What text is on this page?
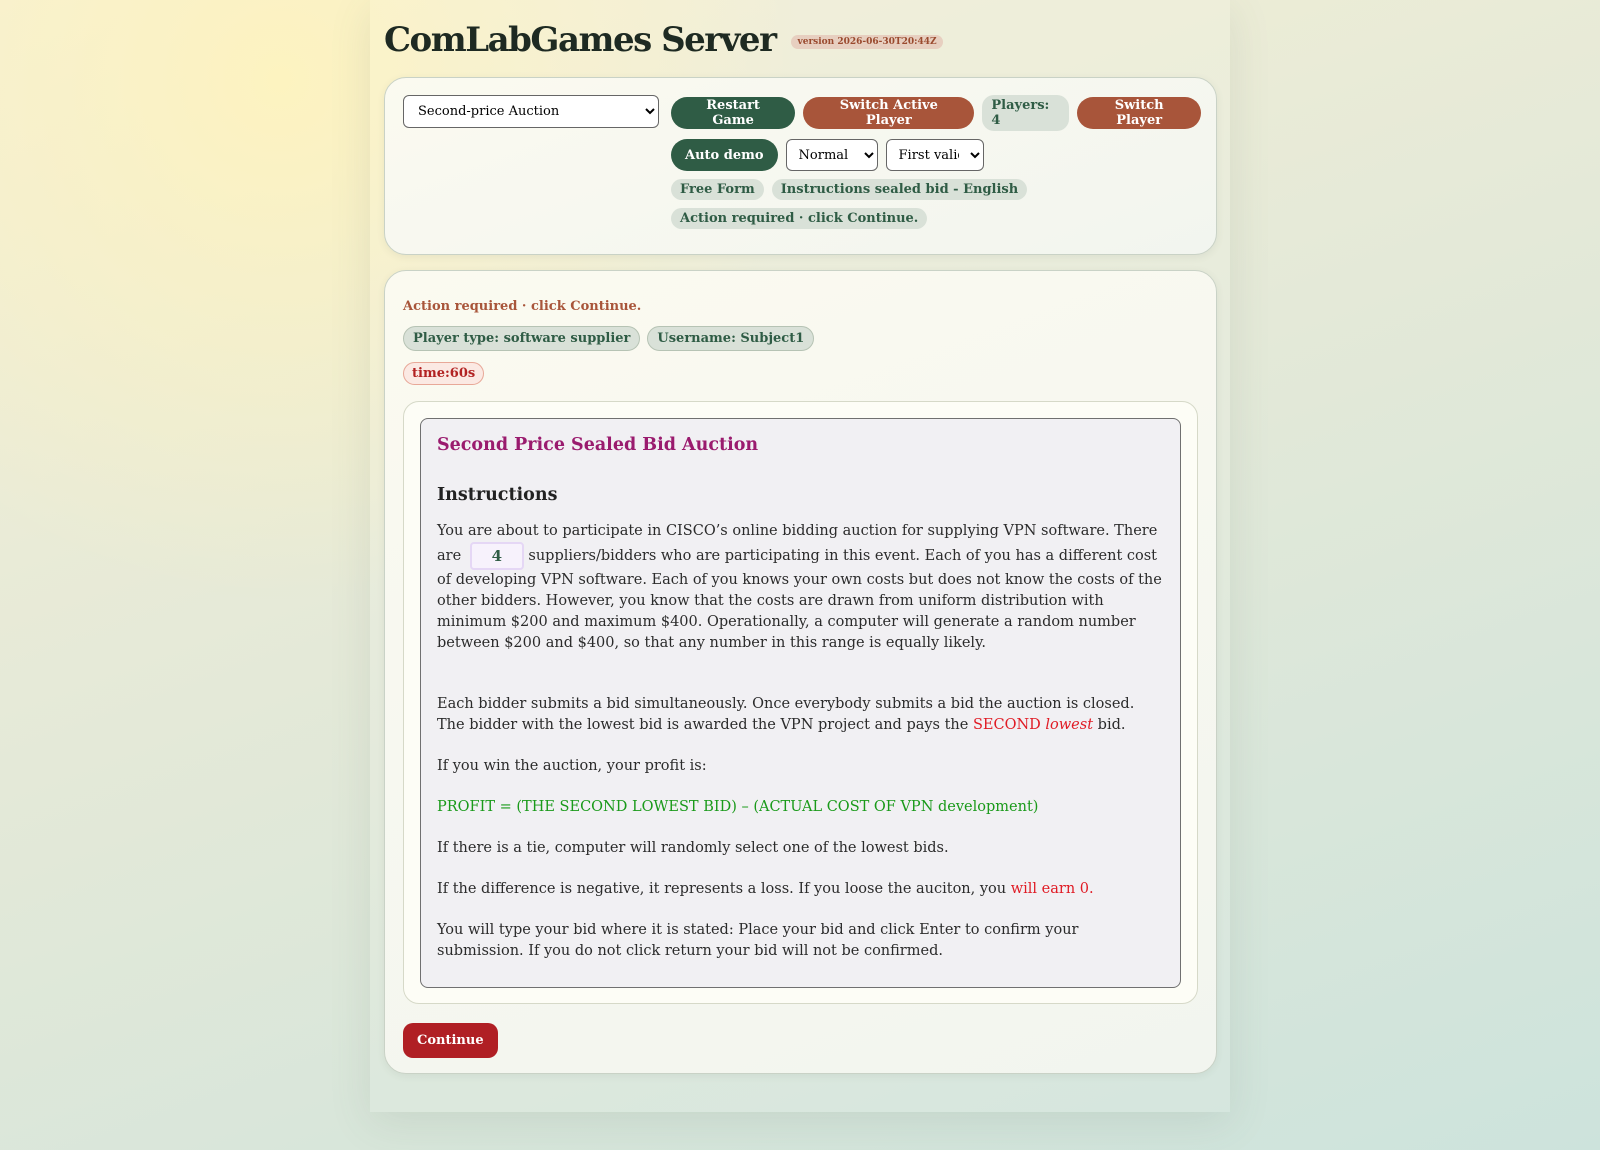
ComLabGames Server	version 2026-06-30T20:44Z
Second-price Auction
Restart Game
Switch Active Player
Players: 4
Switch Player
Auto demo
Normal
First valid
Free Form	Instructions sealed bid - English
Action required · click Continue.
Action required · click Continue.
Player type: software supplier	Username: Subject1
time:60s
Second Price Sealed Bid Auction
Instructions

You are about to participate in CISCO’s online bidding auction for supplying VPN software. There are 4 suppliers/bidders who are participating in this event. Each of you has a different cost of developing VPN software. Each of you knows your own costs but does not know the costs of the other bidders. However, you know that the costs are drawn from uniform distribution with minimum $200 and maximum $400. Operationally, a computer will generate a random number between $200 and $400, so that any number in this range is equally likely.

Each bidder submits a bid simultaneously. Once everybody submits a bid the auction is closed. The bidder with the lowest bid is awarded the VPN project and pays the SECOND lowest bid.

If you win the auction, your profit is:

PROFIT = (THE SECOND LOWEST BID) – (ACTUAL COST OF VPN development)

If there is a tie, computer will randomly select one of the lowest bids.

If the difference is negative, it represents a loss. If you loose the auciton, you will earn 0.

You will type your bid where it is stated: Place your bid and click Enter to confirm your submission. If you do not click return your bid will not be confirmed.

Continue
